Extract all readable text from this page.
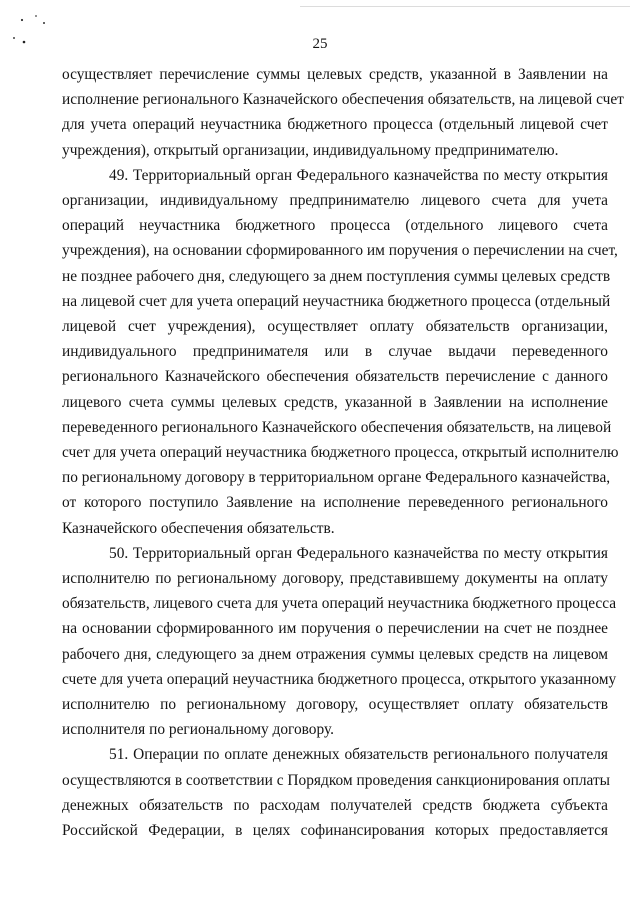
25

осуществляет перечисление суммы целевых средств, указанной в Заявлении на
исполнение регионального Казначейского обеспечения обязательств, на лицевой счет
для учета операций неучастника бюджетного процесса (отдельный лицевой счет
учреждения), открытый организации, индивидуальному предпринимателю.

49. Территориальный орган Федерального казначейства по месту открытия
организации, индивидуальному предпринимателю лицевого счета для учета
операций неучастника бюджетного процесса (отдельного лицевого счета
учреждения), на основании сформированного им поручения о перечислении на счет,
не позднее рабочего дня, следующего за днем поступления суммы целевых средств
на лицевой счет для учета операций неучастника бюджетного процесса (отдельный
лицевой счет учреждения), осуществляет оплату обязательств организации,
индивидуального предпринимателя или в случае выдачи переведенного
регионального Казначейского обеспечения обязательств перечисление с данного
лицевого счета суммы целевых средств, указанной в Заявлении на исполнение
переведенного регионального Казначейского обеспечения обязательств, на лицевой
счет для учета операций неучастника бюджетного процесса, открытый исполнителю
по региональному договору в территориальном органе Федерального казначейства,
от которого поступило Заявление на исполнение переведенного регионального
Казначейского обеспечения обязательств.

50. Территориальный орган Федерального казначейства по месту открытия
исполнителю по региональному договору, представившему документы на оплату
обязательств, лицевого счета для учета операций неучастника бюджетного процесса
на основании сформированного им поручения о перечислении на счет не позднее
рабочего дня, следующего за днем отражения суммы целевых средств на лицевом
счете для учета операций неучастника бюджетного процесса, открытого указанному
исполнителю по региональному договору, осуществляет оплату обязательств
исполнителя по региональному договору.

51. Операции по оплате денежных обязательств регионального получателя
осуществляются в соответствии с Порядком проведения санкционирования оплаты
денежных обязательств по расходам получателей средств бюджета субъекта
Российской Федерации, в целях софинансирования которых предоставляется
